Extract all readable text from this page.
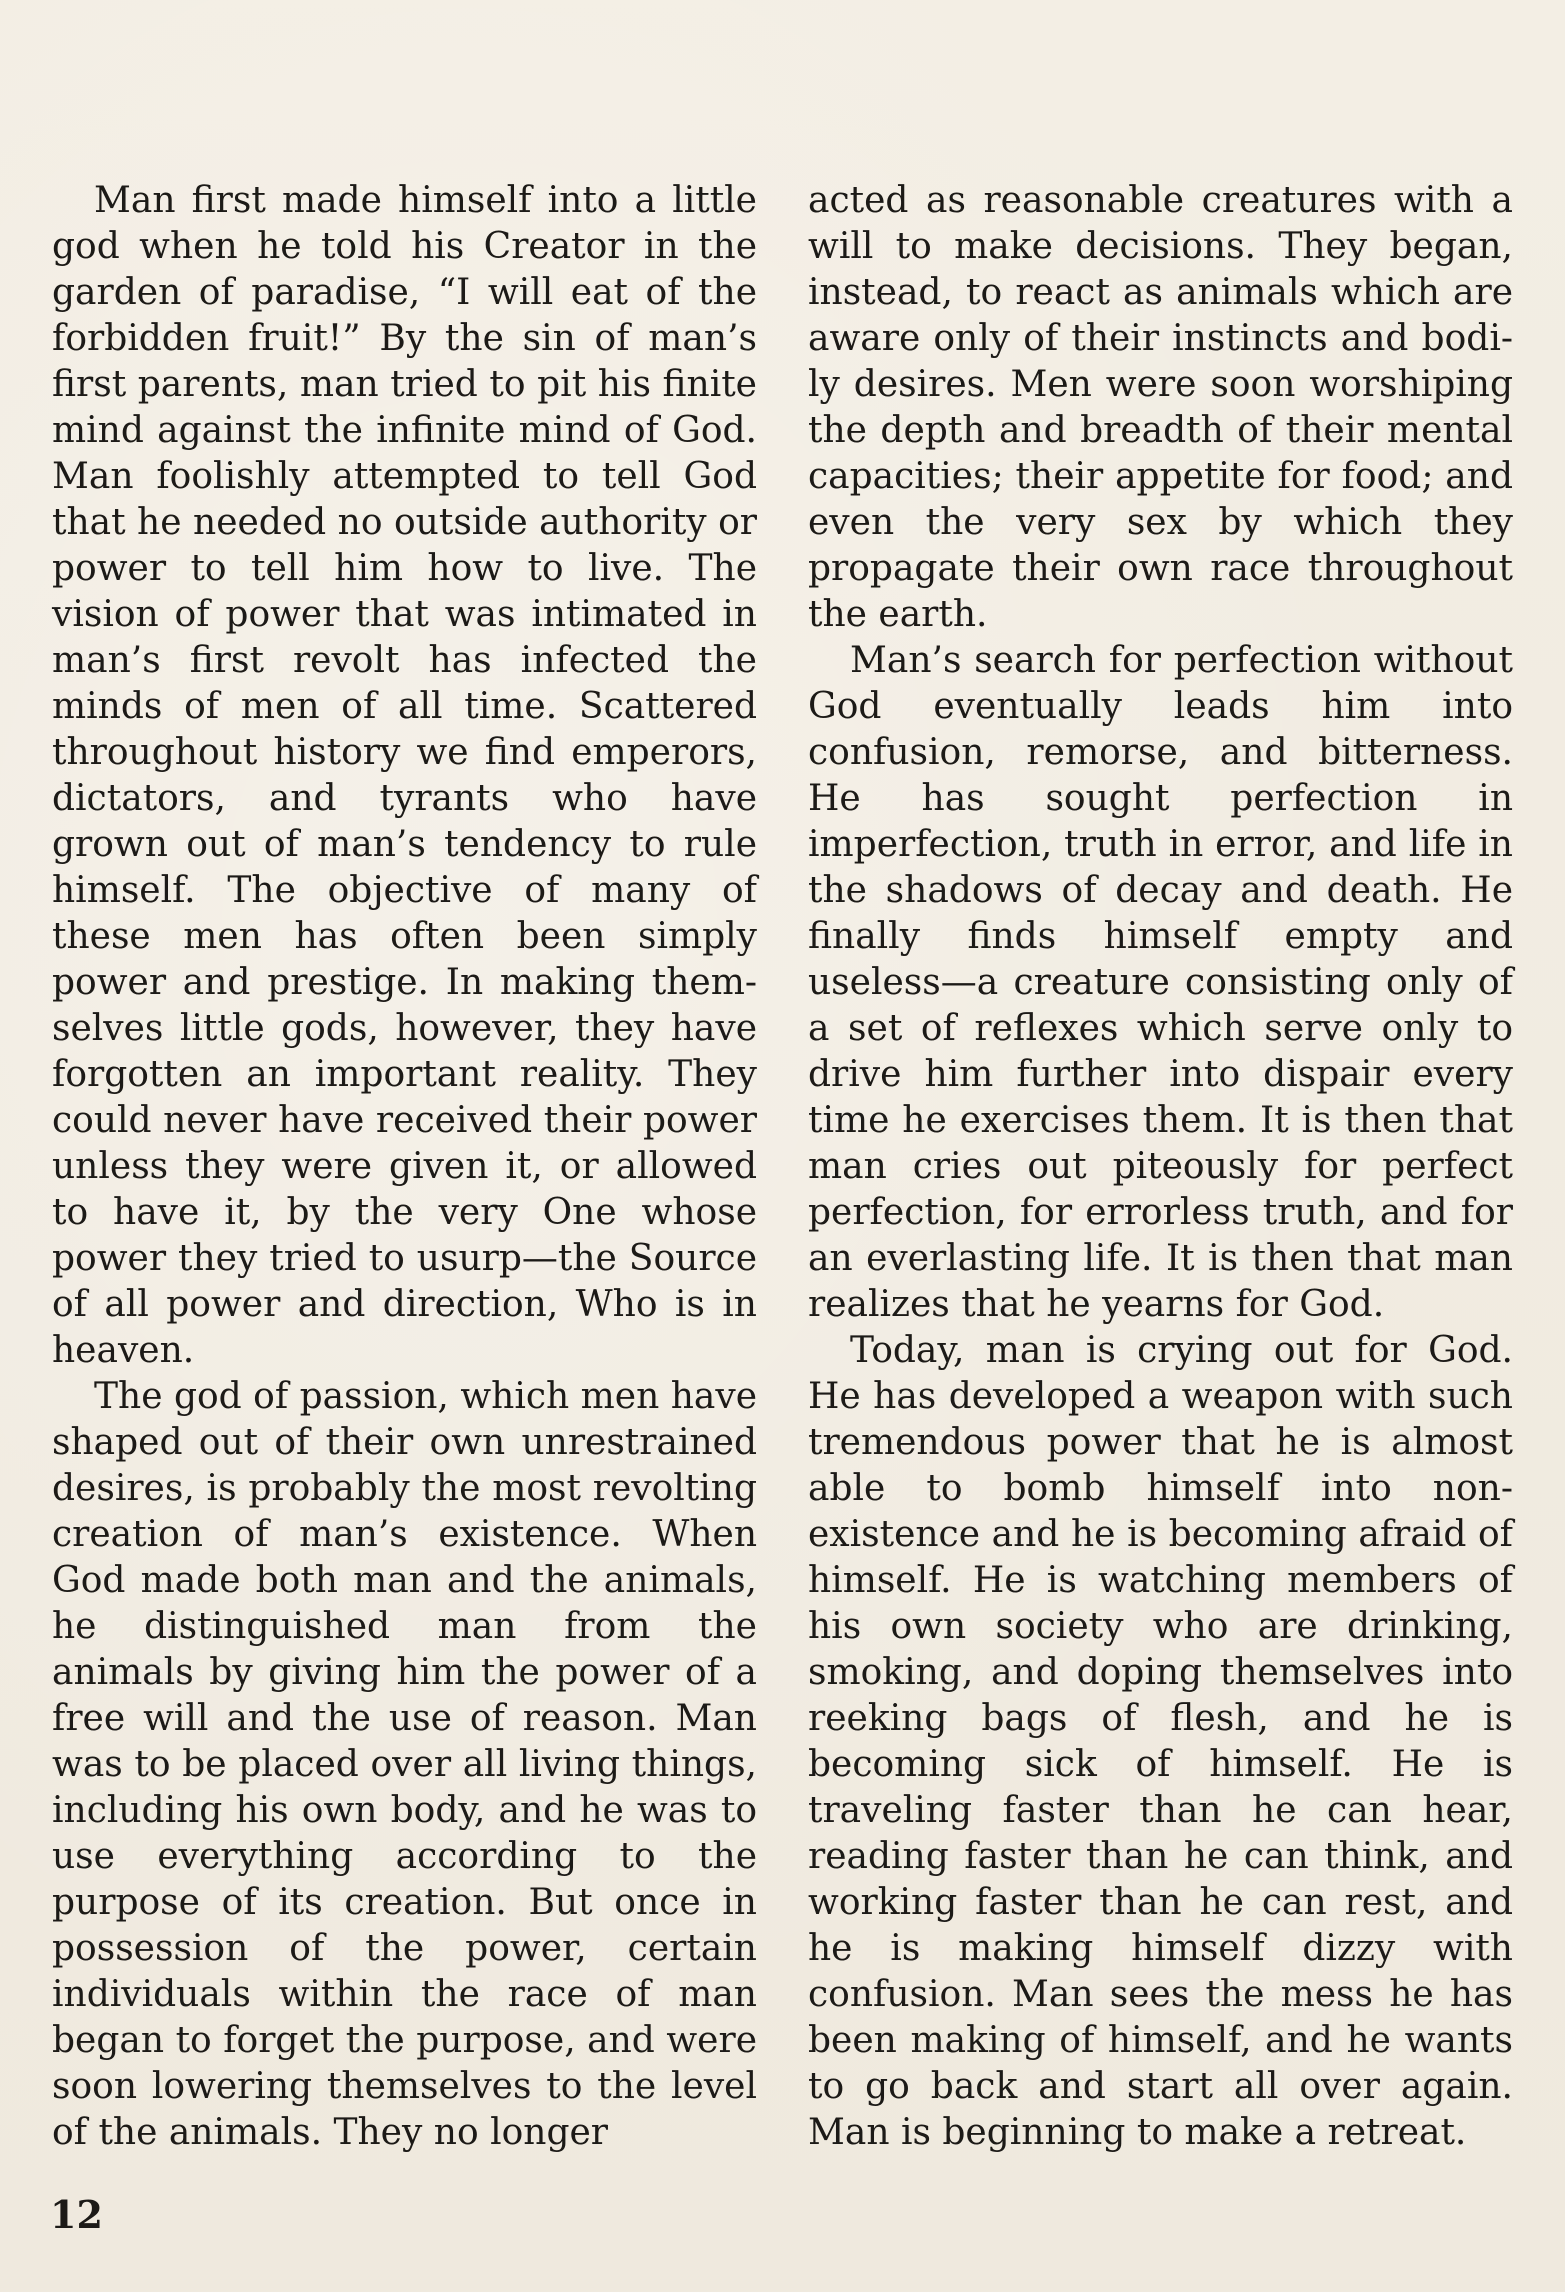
Man first made himself into a little god when he told his Creator in the garden of paradise, “I will eat of the forbidden fruit!” By the sin of man’s first parents, man tried to pit his finite mind against the infinite mind of God. Man foolishly attempted to tell God that he needed no outside authority or power to tell him how to live. The vision of power that was intimated in man’s first revolt has infected the minds of men of all time. Scattered throughout history we find emperors, dictators, and tyrants who have grown out of man’s tendency to rule himself. The objective of many of these men has often been simply power and prestige. In making themselves little gods, however, they have forgotten an important reality. They could never have received their power unless they were given it, or allowed to have it, by the very One whose power they tried to usurp—the Source of all power and direction, Who is in heaven.

The god of passion, which men have shaped out of their own unrestrained desires, is probably the most revolting creation of man’s existence. When God made both man and the animals, he distinguished man from the animals by giving him the power of a free will and the use of reason. Man was to be placed over all living things, including his own body, and he was to use everything according to the purpose of its creation. But once in possession of the power, certain individuals within the race of man began to forget the purpose, and were soon lowering themselves to the level of the animals. They no longer

acted as reasonable creatures with a will to make decisions. They began, instead, to react as animals which are aware only of their instincts and bodily desires. Men were soon worshiping the depth and breadth of their mental capacities; their appetite for food; and even the very sex by which they propagate their own race throughout the earth.

Man’s search for perfection without God eventually leads him into confusion, remorse, and bitterness. He has sought perfection in imperfection, truth in error, and life in the shadows of decay and death. He finally finds himself empty and useless—a creature consisting only of a set of reflexes which serve only to drive him further into dispair every time he exercises them. It is then that man cries out piteously for perfect perfection, for errorless truth, and for an everlasting life. It is then that man realizes that he yearns for God.

Today, man is crying out for God. He has developed a weapon with such tremendous power that he is almost able to bomb himself into nonexistence and he is becoming afraid of himself. He is watching members of his own society who are drinking, smoking, and doping themselves into reeking bags of flesh, and he is becoming sick of himself. He is traveling faster than he can hear, reading faster than he can think, and working faster than he can rest, and he is making himself dizzy with confusion. Man sees the mess he has been making of himself, and he wants to go back and start all over again. Man is beginning to make a retreat.

12
